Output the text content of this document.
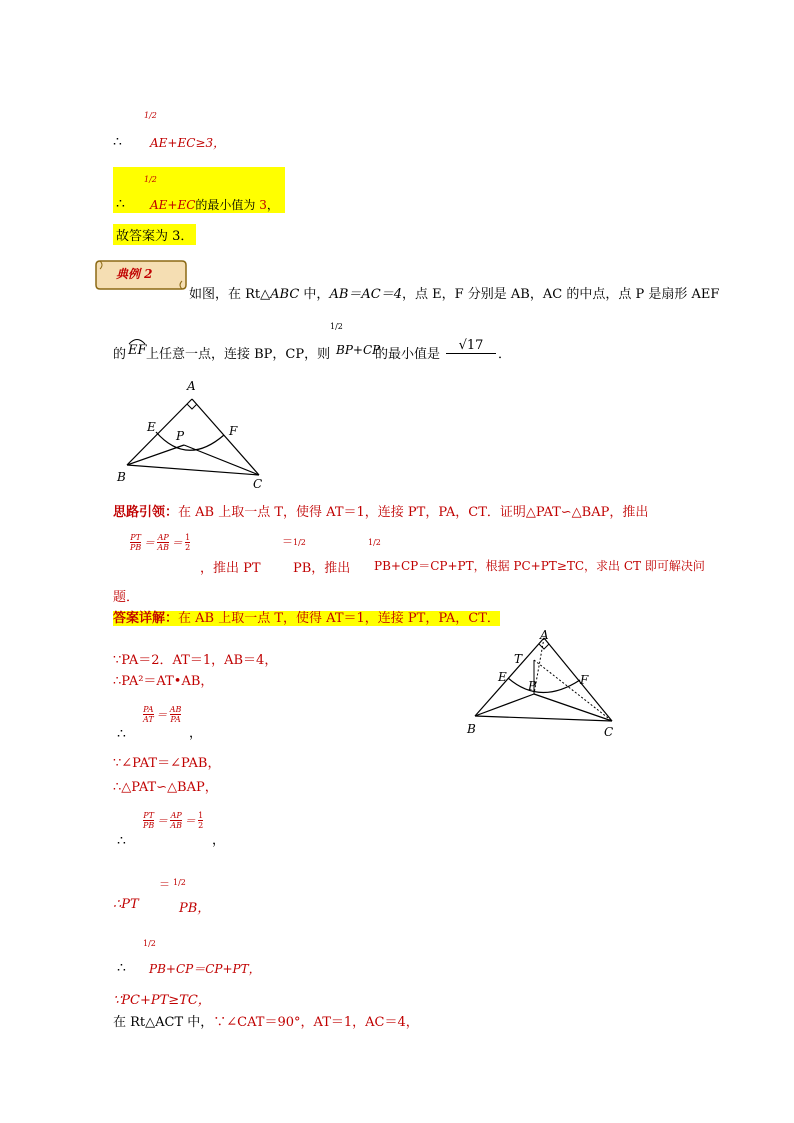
∴
1/2
AE+EC≥3，
∴
1/2
AE+EC的最小值为 3，
故答案为 3．
典例 2
如图，在 Rt△ABC 中，AB＝AC＝4，点 E，F 分别是 AB，AC 的中点，点 P 是扇形 AEF
的 EF 上任意一点，连接 BP，CP，则
1/2
BP+CP
的最小值是
√17
．
A
E
P	F
B	C
思路引领：在 AB 上取一点 T，使得 AT＝1，连接 PT，PA，CT．证明△PAT∽△BAP，推出
$\frac{PT}{PB} = \frac{AP}{AB} = \frac{1}{2}$
，推出 PT
＝ 1/2
PB，推出
1/2
PB+CP＝CP+PT，根据 PC+PT≥TC，求出 CT 即可解决问
题．
答案详解：在 AB 上取一点 T，使得 AT＝1，连接 PT，PA，CT．
∵PA＝2．AT＝1，AB＝4，
∴PA²＝AT•AB，
∴
$\frac{PA}{AT} = \frac{AB}{PA}$
，
∵∠PAT＝∠PAB，
∴△PAT∽△BAP，
∴
$\frac{PT}{PB} = \frac{AP}{AB} = \frac{1}{2}$
，
∴PT
＝ 1/2
PB，
∴
1/2
PB+CP＝CP+PT，
∵PC+PT≥TC，
在 Rt△ACT 中，∵∠CAT＝90°，AT＝1，AC＝4，
A
T
E
P	F
B	C
